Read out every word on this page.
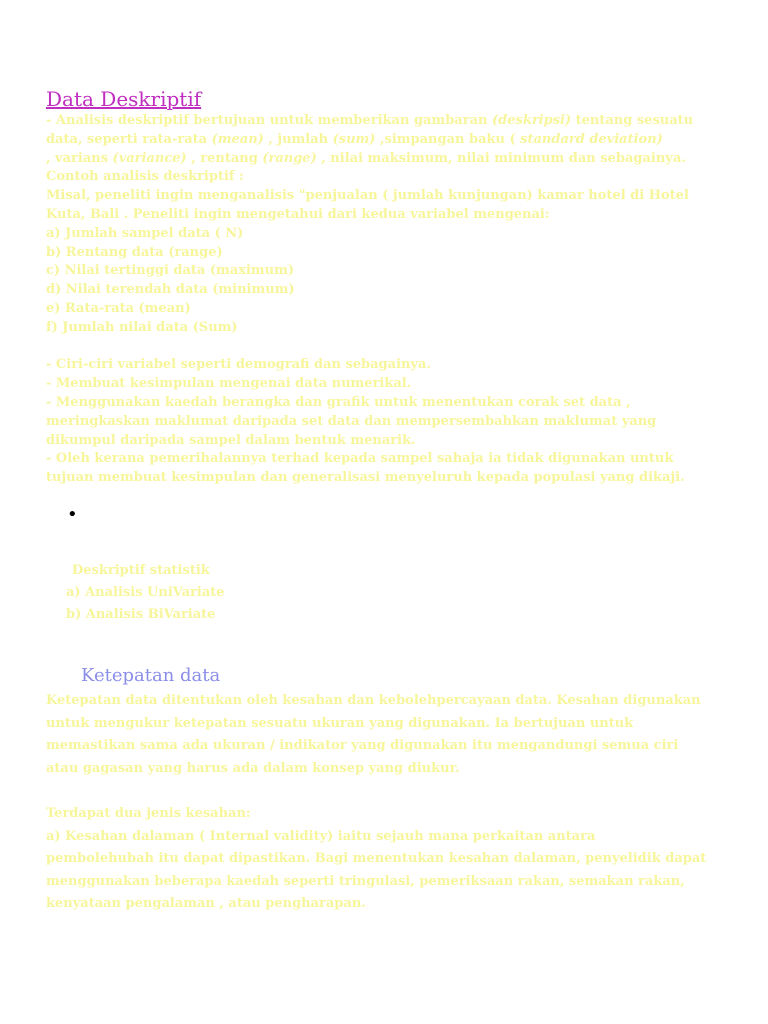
Data Deskriptif

- Analisis deskriptif bertujuan untuk memberikan gambaran (deskripsi) tentang sesuatu

data, seperti rata-rata (mean) , jumlah (sum) ,simpangan baku ( standard deviation)

, varians (variance) , rentang (range) , nilai maksimum, nilai minimum dan sebagainya.

Contoh analisis deskriptif :

Misal, peneliti ingin menganalisis "penjualan ( jumlah kunjungan) kamar hotel di Hotel

Kuta, Bali . Peneliti ingin mengetahui dari kedua variabel mengenai:

a) Jumlah sampel data ( N)

b) Rentang data (range)

c) Nilai tertinggi data (maximum)

d) Nilai terendah data (minimum)

e) Rata-rata (mean)

f) Jumlah nilai data (Sum)

- Ciri-ciri variabel seperti demografi dan sebagainya.

- Membuat kesimpulan mengenai data numerikal.

- Menggunakan kaedah berangka dan grafik untuk menentukan corak set data ,

meringkaskan maklumat daripada set data dan mempersembahkan maklumat yang

dikumpul daripada sampel dalam bentuk menarik.

- Oleh kerana pemerihalannya terhad kepada sampel sahaja ia tidak digunakan untuk

tujuan membuat kesimpulan dan generalisasi menyeluruh kepada populasi yang dikaji.

•

Deskriptif statistik

a) Analisis UniVariate

b) Analisis BiVariate

Ketepatan data

Ketepatan data ditentukan oleh kesahan dan kebolehpercayaan data. Kesahan digunakan

untuk mengukur ketepatan sesuatu ukuran yang digunakan. Ia bertujuan untuk

memastikan sama ada ukuran / indikator yang digunakan itu mengandungi semua ciri

atau gagasan yang harus ada dalam konsep yang diukur.

Terdapat dua jenis kesahan:

a) Kesahan dalaman ( Internal validity) iaitu sejauh mana perkaitan antara

pembolehubah itu dapat dipastikan. Bagi menentukan kesahan dalaman, penyelidik dapat

menggunakan beberapa kaedah seperti tringulasi, pemeriksaan rakan, semakan rakan,

kenyataan pengalaman , atau pengharapan.
